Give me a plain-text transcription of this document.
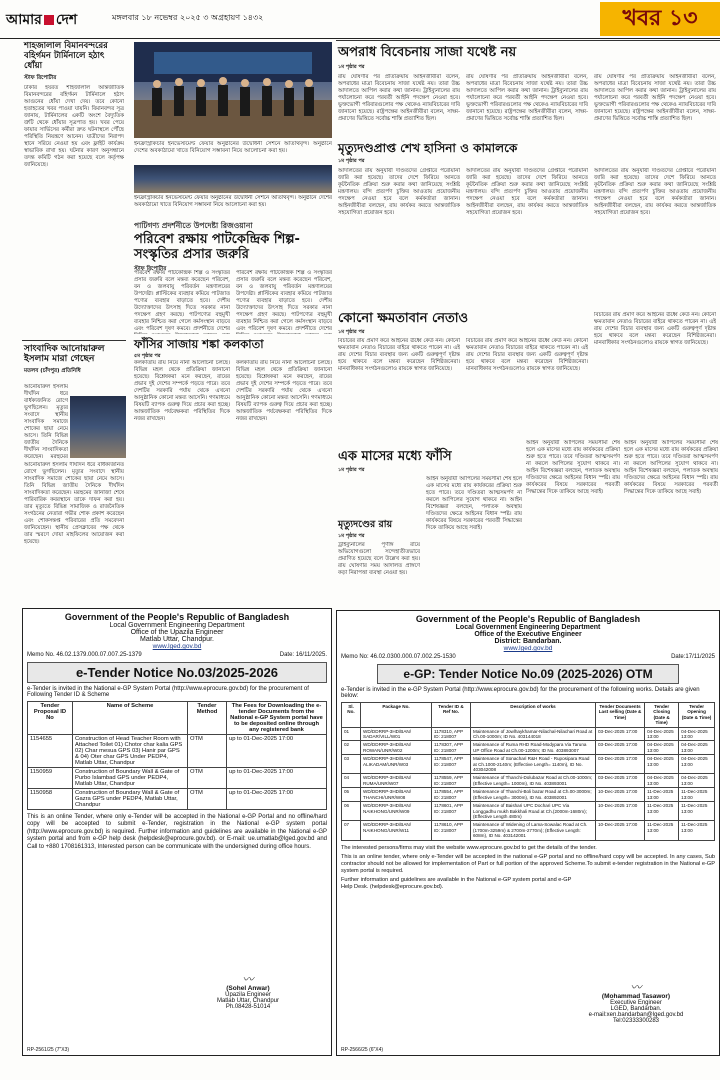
আমার দেশ	মঙ্গলবার ১৮ নভেম্বর ২০২৫ ৩ অগ্রহায়ণ ১৪৩২	খবর ১৩
শাহজালাল বিমানবন্দরের বহির্গমন টার্মিনালে হঠাৎ ধোঁয়া
স্টাফ রিপোর্টার
ঢাকার হযরত শাহজালাল আন্তর্জাতিক বিমানবন্দরের বহির্গমন টার্মিনালে হঠাৎ আগুনের ধোঁয়া দেখা দেয়। তবে কোনো হতাহতের খবর পাওয়া যায়নি। বিমানবন্দর সূত্র জানায়, টার্মিনালের একটি অংশে বৈদ্যুতিক ত্রুটি থেকে ধোঁয়ার সূত্রপাত হয়। খবর পেয়ে ফায়ার সার্ভিসের কর্মীরা দ্রুত ঘটনাস্থলে পৌঁছে পরিস্থিতি নিয়ন্ত্রণে আনেন। যাত্রীদের নিরাপদ স্থানে সরিয়ে নেওয়া হয় এবং ফ্লাইট কার্যক্রম স্বাভাবিক রাখা হয়। ঘটনার কারণ অনুসন্ধানে তদন্ত কমিটি গঠন করা হয়েছে বলে কর্তৃপক্ষ জানিয়েছে।
সাংবাদিক আনোয়ারুল ইসলাম মারা গেছেন
মতলব (চাঁদপুর) প্রতিনিধি
আনোয়ারুল ইসলাম দীর্ঘদিন ধরে বার্ধক্যজনিত রোগে ভুগছিলেন। মৃত্যুর সংবাদে স্থানীয় সাংবাদিক সমাজে শোকের ছায়া নেমে আসে। তিনি বিভিন্ন জাতীয় দৈনিকে দীর্ঘদিন সাংবাদিকতা করেছেন। মরহুমের
আনোয়ারুল ইসলাম দীর্ঘদিন ধরে বার্ধক্যজনিত রোগে ভুগছিলেন। মৃত্যুর সংবাদে স্থানীয় সাংবাদিক সমাজে শোকের ছায়া নেমে আসে। তিনি বিভিন্ন জাতীয় দৈনিকে দীর্ঘদিন সাংবাদিকতা করেছেন। মরহুমের জানাজা শেষে পারিবারিক কবরস্থানে তাকে দাফন করা হয়। তার মৃত্যুতে বিভিন্ন সামাজিক ও রাজনৈতিক সংগঠনের নেতারা গভীর শোক প্রকাশ করেছেন এবং শোকসন্তপ্ত পরিবারের প্রতি সমবেদনা জানিয়েছেন। স্থানীয় প্রেসক্লাবের পক্ষ থেকে তার স্মরণে দোয়া মাহফিলের আয়োজন করা হয়েছে।
ইনফ্রাস্ট্রাকচার ইনভেস্টমেন্ট ফেয়ার অনুষ্ঠানের উদ্বোধনী সেশনে অতিথিবৃন্দ। অনুষ্ঠানে দেশের অবকাঠামো খাতে বিনিয়োগ সম্ভাবনা নিয়ে আলোচনা করা হয়।
ইনফ্রাস্ট্রাকচার ইনভেস্টমেন্ট ফেয়ার অনুষ্ঠানের উদ্বোধনী সেশনে অতিথিবৃন্দ। অনুষ্ঠানে দেশের অবকাঠামো খাতে বিনিয়োগ সম্ভাবনা নিয়ে আলোচনা করা হয়।
পাটিগণ্য প্রদর্শনীতে উপদেষ্টা রিজওয়ানা
পরিবেশ রক্ষায় পাটকেন্দ্রিক শিল্প-সংস্কৃতির প্রসার জরুরি
স্টাফ রিপোর্টার
পরিবেশ রক্ষায় পাটকেন্দ্রিক শিল্প ও সংস্কৃতির প্রসার জরুরি বলে মন্তব্য করেছেন পরিবেশ, বন ও জলবায়ু পরিবর্তন মন্ত্রণালয়ের উপদেষ্টা। প্লাস্টিকের ব্যবহার কমিয়ে পাটজাত পণ্যের ব্যবহার বাড়াতে হবে। দেশীয় উদ্যোক্তাদের উৎসাহ দিতে সরকার নানা পদক্ষেপ গ্রহণ করছে। পাটপণ্যের বহুমুখী ব্যবহার নিশ্চিত করা গেলে কর্মসংস্থান বাড়বে এবং পরিবেশ দূষণ কমবে। প্রদর্শনীতে দেশের
পরিবেশ রক্ষায় পাটকেন্দ্রিক শিল্প ও সংস্কৃতির প্রসার জরুরি বলে মন্তব্য করেছেন পরিবেশ, বন ও জলবায়ু পরিবর্তন মন্ত্রণালয়ের উপদেষ্টা। প্লাস্টিকের ব্যবহার কমিয়ে পাটজাত পণ্যের ব্যবহার বাড়াতে হবে। দেশীয় উদ্যোক্তাদের উৎসাহ দিতে সরকার নানা পদক্ষেপ গ্রহণ করছে। পাটপণ্যের বহুমুখী ব্যবহার নিশ্চিত করা গেলে কর্মসংস্থান বাড়বে এবং পরিবেশ দূষণ কমবে। প্রদর্শনীতে দেশের
ফাঁসির সাজায় শঙ্কা কলকাতা
৫ম পৃষ্ঠার পর
কলকাতায় রায় নিয়ে নানা আলোচনা চলছে। বিভিন্ন মহল থেকে প্রতিক্রিয়া জানানো হয়েছে। বিশ্লেষকরা মনে করছেন, রায়ের প্রভাব দুই দেশের সম্পর্কে পড়তে পারে। তবে দেশটির সরকারি পর্যায় থেকে এখনো আনুষ্ঠানিক কোনো মন্তব্য আসেনি। গণমাধ্যমে বিষয়টি ব্যাপক গুরুত্ব দিয়ে প্রচার করা হচ্ছে। আন্তর্জাতিক পর্যবেক্ষকরা পরিস্থিতির দিকে নজর রাখছেন।
কলকাতায় রায় নিয়ে নানা আলোচনা চলছে। বিভিন্ন মহল থেকে প্রতিক্রিয়া জানানো হয়েছে। বিশ্লেষকরা মনে করছেন, রায়ের প্রভাব দুই দেশের সম্পর্কে পড়তে পারে। তবে দেশটির সরকারি পর্যায় থেকে এখনো আনুষ্ঠানিক কোনো মন্তব্য আসেনি। গণমাধ্যমে বিষয়টি ব্যাপক গুরুত্ব দিয়ে প্রচার করা হচ্ছে। আন্তর্জাতিক পর্যবেক্ষকরা পরিস্থিতির দিকে নজর রাখছেন।
মৃত্যুদণ্ডের রায়
১ম পৃষ্ঠার পর
ট্রাইব্যুনালের পূর্ণাঙ্গ রায়ে অভিযোগগুলো সন্দেহাতীতভাবে প্রমাণিত হয়েছে বলে উল্লেখ করা হয়। রায় ঘোষণার সময় আদালত প্রাঙ্গণে কড়া নিরাপত্তা ব্যবস্থা নেওয়া হয়।
অপরাধ বিবেচনায় সাজা যথেষ্ট নয়
১ম পৃষ্ঠার পর
রায় ঘোষণার পর প্রতিক্রিয়ায় আইনজীবীরা বলেন, অপরাধের মাত্রা বিবেচনায় সাজা যথেষ্ট নয়। তারা উচ্চ আদালতে আপিল করার কথা জানান। ট্রাইব্যুনালের রায় পর্যালোচনা করে পরবর্তী আইনি পদক্ষেপ নেওয়া হবে। ভুক্তভোগী পরিবারগুলোর পক্ষ থেকেও ন্যায়বিচারের দাবি জানানো হয়েছে। রাষ্ট্রপক্ষের আইনজীবীরা বলেন, সাক্ষ্য-প্রমাণের ভিত্তিতে সর্বোচ্চ শাস্তি প্রত্যাশিত ছিল।
রায় ঘোষণার পর প্রতিক্রিয়ায় আইনজীবীরা বলেন, অপরাধের মাত্রা বিবেচনায় সাজা যথেষ্ট নয়। তারা উচ্চ আদালতে আপিল করার কথা জানান। ট্রাইব্যুনালের রায় পর্যালোচনা করে পরবর্তী আইনি পদক্ষেপ নেওয়া হবে। ভুক্তভোগী পরিবারগুলোর পক্ষ থেকেও ন্যায়বিচারের দাবি জানানো হয়েছে। রাষ্ট্রপক্ষের আইনজীবীরা বলেন, সাক্ষ্য-প্রমাণের ভিত্তিতে সর্বোচ্চ শাস্তি প্রত্যাশিত ছিল।
রায় ঘোষণার পর প্রতিক্রিয়ায় আইনজীবীরা বলেন, অপরাধের মাত্রা বিবেচনায় সাজা যথেষ্ট নয়। তারা উচ্চ আদালতে আপিল করার কথা জানান। ট্রাইব্যুনালের রায় পর্যালোচনা করে পরবর্তী আইনি পদক্ষেপ নেওয়া হবে। ভুক্তভোগী পরিবারগুলোর পক্ষ থেকেও ন্যায়বিচারের দাবি জানানো হয়েছে। রাষ্ট্রপক্ষের আইনজীবীরা বলেন, সাক্ষ্য-প্রমাণের ভিত্তিতে সর্বোচ্চ শাস্তি প্রত্যাশিত ছিল।
মৃত্যুদণ্ডপ্রাপ্ত শেখ হাসিনা ও কামালকে
১ম পৃষ্ঠার পর
আদালতের রায় অনুযায়ী দণ্ডিতদের গ্রেপ্তারে পরোয়ানা জারি করা হয়েছে। তাদের দেশে ফিরিয়ে আনতে কূটনৈতিক প্রক্রিয়া শুরু করার কথা জানিয়েছে সংশ্লিষ্ট মন্ত্রণালয়। বন্দি প্রত্যর্পণ চুক্তির আওতায় প্রয়োজনীয় পদক্ষেপ নেওয়া হবে বলে কর্মকর্তারা জানান। আইনজীবীরা বলছেন, রায় কার্যকর করতে আন্তর্জাতিক সহযোগিতা প্রয়োজন হবে।
আদালতের রায় অনুযায়ী দণ্ডিতদের গ্রেপ্তারে পরোয়ানা জারি করা হয়েছে। তাদের দেশে ফিরিয়ে আনতে কূটনৈতিক প্রক্রিয়া শুরু করার কথা জানিয়েছে সংশ্লিষ্ট মন্ত্রণালয়। বন্দি প্রত্যর্পণ চুক্তির আওতায় প্রয়োজনীয় পদক্ষেপ নেওয়া হবে বলে কর্মকর্তারা জানান। আইনজীবীরা বলছেন, রায় কার্যকর করতে আন্তর্জাতিক সহযোগিতা প্রয়োজন হবে।
আদালতের রায় অনুযায়ী দণ্ডিতদের গ্রেপ্তারে পরোয়ানা জারি করা হয়েছে। তাদের দেশে ফিরিয়ে আনতে কূটনৈতিক প্রক্রিয়া শুরু করার কথা জানিয়েছে সংশ্লিষ্ট মন্ত্রণালয়। বন্দি প্রত্যর্পণ চুক্তির আওতায় প্রয়োজনীয় পদক্ষেপ নেওয়া হবে বলে কর্মকর্তারা জানান। আইনজীবীরা বলছেন, রায় কার্যকর করতে আন্তর্জাতিক সহযোগিতা প্রয়োজন হবে।
কোনো ক্ষমতাবান নেতাও
১ম পৃষ্ঠার পর
বিচারের রায় প্রমাণ করে আইনের ঊর্ধ্বে কেউ নন। কোনো ক্ষমতাবান নেতাও বিচারের বাইরে থাকতে পারেন না। এই রায় দেশের বিচার ব্যবস্থার জন্য একটি গুরুত্বপূর্ণ দৃষ্টান্ত হয়ে থাকবে বলে মন্তব্য করেছেন বিশিষ্টজনেরা। মানবাধিকার সংগঠনগুলোও রায়কে স্বাগত জানিয়েছে।
বিচারের রায় প্রমাণ করে আইনের ঊর্ধ্বে কেউ নন। কোনো ক্ষমতাবান নেতাও বিচারের বাইরে থাকতে পারেন না। এই রায় দেশের বিচার ব্যবস্থার জন্য একটি গুরুত্বপূর্ণ দৃষ্টান্ত হয়ে থাকবে বলে মন্তব্য করেছেন বিশিষ্টজনেরা। মানবাধিকার সংগঠনগুলোও রায়কে স্বাগত জানিয়েছে।
বিচারের রায় প্রমাণ করে আইনের ঊর্ধ্বে কেউ নন। কোনো ক্ষমতাবান নেতাও বিচারের বাইরে থাকতে পারেন না। এই রায় দেশের বিচার ব্যবস্থার জন্য একটি গুরুত্বপূর্ণ দৃষ্টান্ত হয়ে থাকবে বলে মন্তব্য করেছেন বিশিষ্টজনেরা। মানবাধিকার সংগঠনগুলোও রায়কে স্বাগত জানিয়েছে।
এক মাসের মধ্যে ফাঁসি
১ম পৃষ্ঠার পর
আইন অনুযায়ী আপিলের সময়সীমা শেষ হলে এক মাসের মধ্যে রায় কার্যকরের প্রক্রিয়া শুরু হতে পারে। তবে দণ্ডিতরা আত্মসমর্পণ না করলে আপিলের সুযোগ থাকবে না। আইন বিশেষজ্ঞরা বলছেন, পলাতক অবস্থায় দণ্ডিতদের ক্ষেত্রে আইনের বিধান স্পষ্ট। রায় কার্যকরের বিষয়ে সরকারের পরবর্তী সিদ্ধান্তের দিকে তাকিয়ে আছে সবাই।
আইন অনুযায়ী আপিলের সময়সীমা শেষ হলে এক মাসের মধ্যে রায় কার্যকরের প্রক্রিয়া শুরু হতে পারে। তবে দণ্ডিতরা আত্মসমর্পণ না করলে আপিলের সুযোগ থাকবে না। আইন বিশেষজ্ঞরা বলছেন, পলাতক অবস্থায় দণ্ডিতদের ক্ষেত্রে আইনের বিধান স্পষ্ট। রায় কার্যকরের বিষয়ে সরকারের পরবর্তী সিদ্ধান্তের দিকে তাকিয়ে আছে সবাই।
আইন অনুযায়ী আপিলের সময়সীমা শেষ হলে এক মাসের মধ্যে রায় কার্যকরের প্রক্রিয়া শুরু হতে পারে। তবে দণ্ডিতরা আত্মসমর্পণ না করলে আপিলের সুযোগ থাকবে না। আইন বিশেষজ্ঞরা বলছেন, পলাতক অবস্থায় দণ্ডিতদের ক্ষেত্রে আইনের বিধান স্পষ্ট। রায় কার্যকরের বিষয়ে সরকারের পরবর্তী সিদ্ধান্তের দিকে তাকিয়ে আছে সবাই।
Government of the People's Republic of Bangladesh
Local Government Engineering Department
Office of the Upazila Engineer
Matlab Uttar, Chandpur.
www.lged.gov.bd
Memo No. 46.02.1379.000.07.007.25-1379	Date: 16/11/2025.
e-Tender Notice No.03/2025-2026
e-Tender is invited in the National e-GP System Portal (http://www.eprocure.gov.bd) for the procurement of Following Tender ID & Scheme
Tender Proposal ID No	Name of Scheme	Tender Method	The Fees for Downloading the e-tender Documents from the National e-GP System portal have to be deposited online through any registered bank
1154655	Construction of Head Teacher Room with Attached Toilet 01) Chotor char kalia GPS 02) Char mesua GPS 03) Hanir par GPS & 04) Oter char GPS Under PEDP4, Matlab Uttar, Chandpur	OTM	up to 01-Dec-2025 17:00
1150959	Construction of Boundary Wall & Gate of Purbo Islambad GPS under PEDP4, Matlab Uttar, Chandpur	OTM	up to 01-Dec-2025 17:00
1150958	Construction of Boundary Wall & Gate of Gazra GPS under PEDP4, Matlab Uttar, Chandpur	OTM	up to 01-Dec-2025 17:00
This is an online Tender, where only e-Tender will be accepted in the National e-GP Portal and no offline/hard copy will be accepted to submit e-Tender, registration in the National e-GP system portal (http://www.eprocure.gov.bd) is required. Further information and guidelines are available in the National e-GP system portal and from e-GP help desk (helpdesk@eprocure.gov.bd). or E-mail: ue.umatlab@lged.gov.bd and Call to +880 1708161313, Interested person can be communicate with the undersigned during office hours.
〰
(Sohel Anwar)
Upazila Engineer
Matlab Uttar, Chandpur
Ph.08428-51014
RP-2561/25 (7"X3)
Government of the People's Republic of Bangladesh
Local Government Engineering Department
Office of the Executive Engineer
District: Bandarban.
www.lged.gov.bd
Memo No: 46.02.0300.000.07.002.25-1530	Date:17/11/2025
e-GP: Tender Notice No.09 (2025-2026) OTM
e-Tender is invited in the e-GP System Portal (http://www.eprocure.gov.bd) for the procurement of the following works. Details are given below:
Sl. No.	Package No.	Tender ID & Ref No.	Description of works	Tender Documents Last selling (Date & Time)	Tender Closing (Date & Time)	Tender Opening (Date & Time)
01	WD/DDRRP-3HD/BAN/ SADAR/VILL/W01	1178310, APP ID: 218007	Maintenance of Jowlhaykhamar-Nilachal-Nilachari Road at Ch.00-1000m; ID No. 403144018	03-Dec-2025 17:00	04-Dec-2025 13:00	04-Dec-2025 13:00
02	WD/DDRRP-3HD/BAN/ ROWAN/UNR/W02	1178307, APP ID: 218007	Maintenance of Ruma RHD Road-Modypara Via Taruna UP Office Road at Ch.00-1200m; ID No. 403893007	03-Dec-2025 17:00	04-Dec-2025 13:00	04-Dec-2025 13:00
03	WD/DDRRP-3HD/BAN/ ALIKADAM/UNR/W03	1178547, APP ID: 218007	Maintenance of Sonachari R&H Road - Ruposipara Road at Ch.1000-2140m; (Effective Length= 1140m), ID No. 403042008	03-Dec-2025 17:00	04-Dec-2025 13:00	04-Dec-2025 13:00
04	WD/DDRRP-3HD/BAN/ RUMA/UNR/W07	1178559, APP ID: 218007	Maintenance of Thanchi-Dolubazar Road at Ch.00-1000m; (Effective Length= 1000m), ID No. 403893001	03-Dec-2025 17:00	04-Dec-2025 13:00	04-Dec-2025 13:00
05	WD/DDRRP-3HD/BAN/ THANCHI/UNR/W08	1178554, APP ID: 218007	Maintenance of Thanchi-Boli bazar Road at Ch.00-3000m; (Effective Length= 3000m), ID No. 403892001	10-Dec-2025 17:00	11-Dec-2025 13:00	11-Dec-2025 13:00
06	WD/DDRRP-3HD/BAN/ NAIKHONG/UNR/W09	1178601, APP ID: 218007	Maintenance of Baishari UPC Dochari UPC Via Longgadhu mukh Bakkhali Road at Ch.(2000m-1680m); (Effective Length 480m)	10-Dec-2025 17:00	11-Dec-2025 13:00	11-Dec-2025 13:00
07	WD/DDRRP-3HD/BAN/ NAIKHONG/UNR/W11	1178610, APP ID: 218007	Maintenance of Widening of Lama-Sowalac Road at Ch.(1700m-3259m) & 2700m-2770m); (Effective Length: 608m), ID No. 403142001	10-Dec-2025 17:00	11-Dec-2025 13:00	11-Dec-2025 13:00
The interested persons/firms may visit the website www.eprocure.gov.bd to get the details of the tender.
This is an online tender, where only e-Tender will be accepted in the national e-GP portal and no offline/hard copy will be accepted. In any cases, Sub contractor should not be allowed for implementation of Part or full portion of the approved Scheme.To submit e-tender registration in the National e-GP system portal is required.
Further information and guidelines are available in the National e-GP system portal and e-GP Help Desk. (helpdesk@eprocure.gov.bd).
〰
(Mohammad Tasawor)
Executive Engineer
LGED, Bandarban.
e-mail:xen.bandarban@lged.gov.bd
Tel:02333300283
RP-2566/25 (6"X4)
